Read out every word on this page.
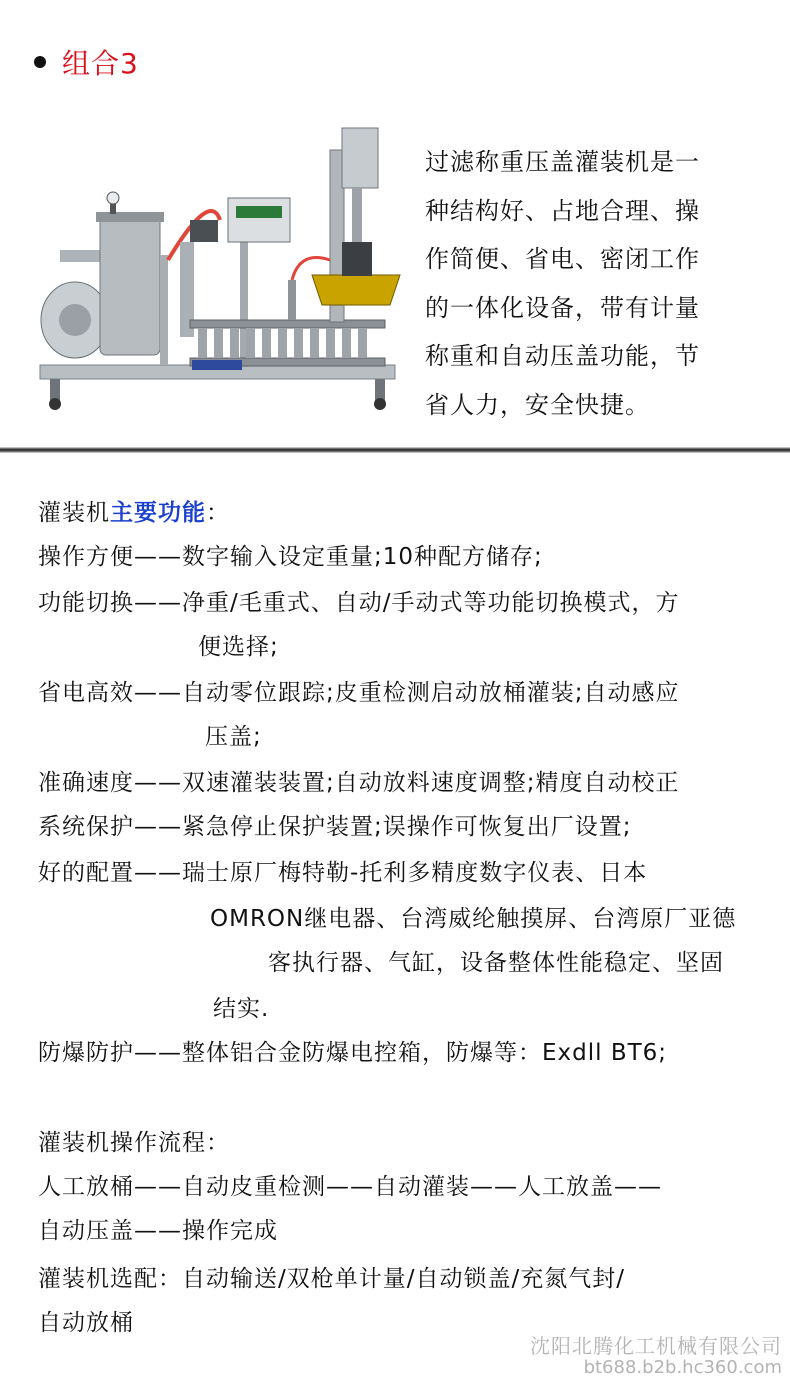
组合3
过滤称重压盖灌装机是一
种结构好、占地合理、操
作简便、省电、密闭工作
的一体化设备，带有计量
称重和自动压盖功能，节
省人力，安全快捷。
灌装机主要功能：
操作方便——数字输入设定重量;10种配方储存;
功能切换——净重/毛重式、自动/手动式等功能切换模式，方
便选择;
省电高效——自动零位跟踪;皮重检测启动放桶灌装;自动感应
压盖;
准确速度——双速灌装装置;自动放料速度调整;精度自动校正
系统保护——紧急停止保护装置;误操作可恢复出厂设置;
好的配置——瑞士原厂梅特勒-托利多精度数字仪表、日本
OMRON继电器、台湾威纶触摸屏、台湾原厂亚德
客执行器、气缸，设备整体性能稳定、坚固
结实.
防爆防护——整体铝合金防爆电控箱，防爆等：Exdll BT6;
灌装机操作流程：
人工放桶——自动皮重检测——自动灌装——人工放盖——
自动压盖——操作完成
灌装机选配：自动输送/双枪单计量/自动锁盖/充氮气封/
自动放桶
沈阳北腾化工机械有限公司
bt688.b2b.hc360.com
